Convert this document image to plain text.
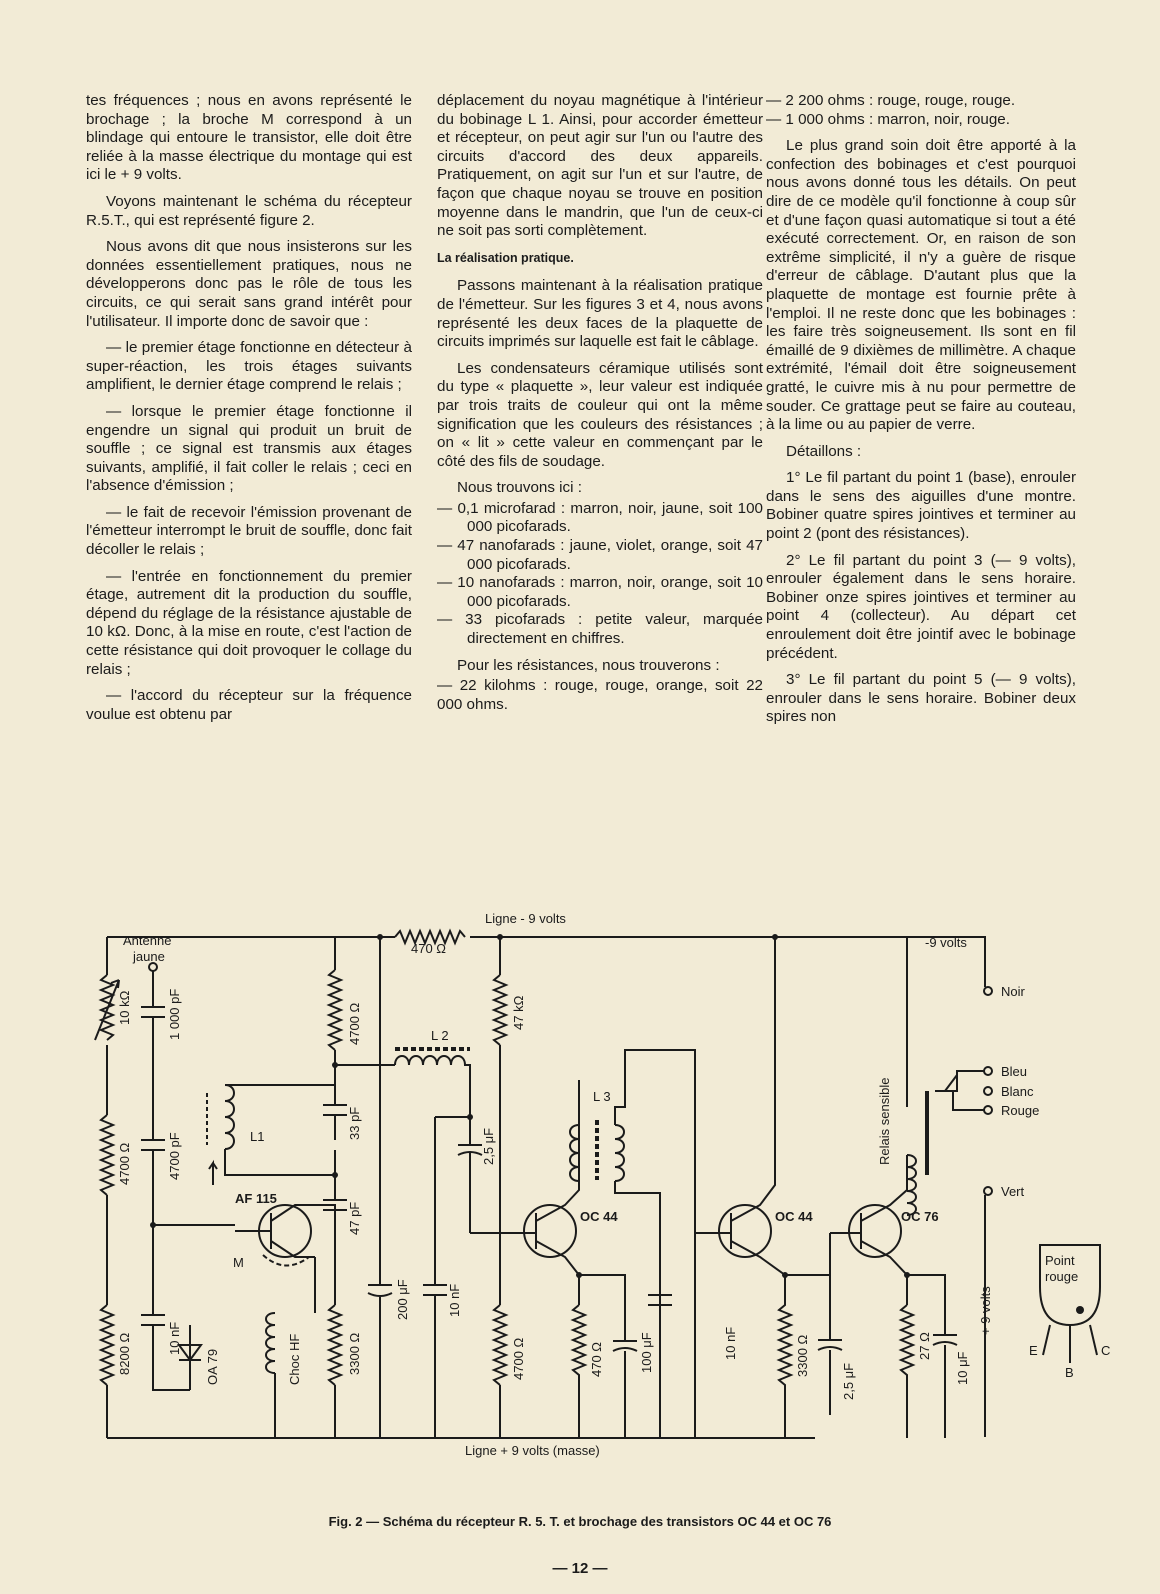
tes fréquences ; nous en avons représenté le brochage ; la broche M correspond à un blindage qui entoure le transistor, elle doit être reliée à la masse électrique du montage qui est ici le + 9 volts.

Voyons maintenant le schéma du récepteur R.5.T., qui est représenté figure 2.

Nous avons dit que nous insisterons sur les données essentiellement pratiques, nous ne développerons donc pas le rôle de tous les circuits, ce qui serait sans grand intérêt pour l'utilisateur. Il importe donc de savoir que :

— le premier étage fonctionne en détecteur à super-réaction, les trois étages suivants amplifient, le dernier étage comprend le relais ;

— lorsque le premier étage fonctionne il engendre un signal qui produit un bruit de souffle ; ce signal est transmis aux étages suivants, amplifié, il fait coller le relais ; ceci en l'absence d'émission ;

— le fait de recevoir l'émission provenant de l'émetteur interrompt le bruit de souffle, donc fait décoller le relais ;

— l'entrée en fonctionnement du premier étage, autrement dit la production du souffle, dépend du réglage de la résistance ajustable de 10 kΩ. Donc, à la mise en route, c'est l'action de cette résistance qui doit provoquer le collage du relais ;

— l'accord du récepteur sur la fréquence voulue est obtenu par

déplacement du noyau magnétique à l'intérieur du bobinage L 1. Ainsi, pour accorder émetteur et récepteur, on peut agir sur l'un ou l'autre des circuits d'accord des deux appareils. Pratiquement, on agit sur l'un et sur l'autre, de façon que chaque noyau se trouve en position moyenne dans le mandrin, que l'un de ceux-ci ne soit pas sorti complètement.

La réalisation pratique.

Passons maintenant à la réalisation pratique de l'émetteur. Sur les figures 3 et 4, nous avons représenté les deux faces de la plaquette de circuits imprimés sur laquelle est fait le câblage.

Les condensateurs céramique utilisés sont du type « plaquette », leur valeur est indiquée par trois traits de couleur qui ont la même signification que les couleurs des résistances ; on « lit » cette valeur en commençant par le côté des fils de soudage.

Nous trouvons ici :

— 0,1 microfarad : marron, noir, jaune, soit 100 000 picofarads.
— 47 nanofarads : jaune, violet, orange, soit 47 000 picofarads.
— 10 nanofarads : marron, noir, orange, soit 10 000 picofarads.
— 33 picofarads : petite valeur, marquée directement en chiffres.

Pour les résistances, nous trouverons :

— 22 kilohms : rouge, rouge, orange, soit 22 000 ohms.

— 2 200 ohms : rouge, rouge, rouge.
— 1 000 ohms : marron, noir, rouge.

Le plus grand soin doit être apporté à la confection des bobinages et c'est pourquoi nous avons donné tous les détails. On peut dire de ce modèle qu'il fonctionne à coup sûr et d'une façon quasi automatique si tout a été exécuté correctement. Or, en raison de son extrême simplicité, il n'y a guère de risque d'erreur de câblage. D'autant plus que la plaquette de montage est fournie prête à l'emploi. Il ne reste donc que les bobinages : les faire très soigneusement. Ils sont en fil émaillé de 9 dixièmes de millimètre. A chaque extrémité, l'émail doit être soigneusement gratté, le cuivre mis à nu pour permettre de souder. Ce grattage peut se faire au couteau, à la lime ou au papier de verre.

Détaillons :

1° Le fil partant du point 1 (base), enrouler dans le sens des aiguilles d'une montre. Bobiner quatre spires jointives et terminer au point 2 (pont des résistances).

2° Le fil partant du point 3 (— 9 volts), enrouler également dans le sens horaire. Bobiner onze spires jointives et terminer au point 4 (collecteur). Au départ cet enroulement doit être jointif avec le bobinage précédent.

3° Le fil partant du point 5 (— 9 volts), enrouler dans le sens horaire. Bobiner deux spires non

Ligne - 9 volts
Ligne + 9 volts (masse)
-9 volts
Antenne
jaune
470 Ω
L 2
L1
L 3
AF 115
OC 44	OC 44	OC 76
Noir
Bleu
Blanc
Rouge
Vert
Point
rouge
E	C
B
M
10 kΩ
4700 Ω
8200 Ω
4700 Ω
3300 Ω
47 kΩ
4700 Ω	470 Ω	3300 Ω	27 Ω
1 000 pF
4700 pF
10 nF
33 pF
47 pF
200 μF	10 nF
2,5 μF
100 μF	10 nF
2,5 μF	10 μF
Choc HF
OA 79
Relais sensible
+ 9 volts
Fig. 2 — Schéma du récepteur R. 5. T. et brochage des transistors OC 44 et OC 76
— 12 —
